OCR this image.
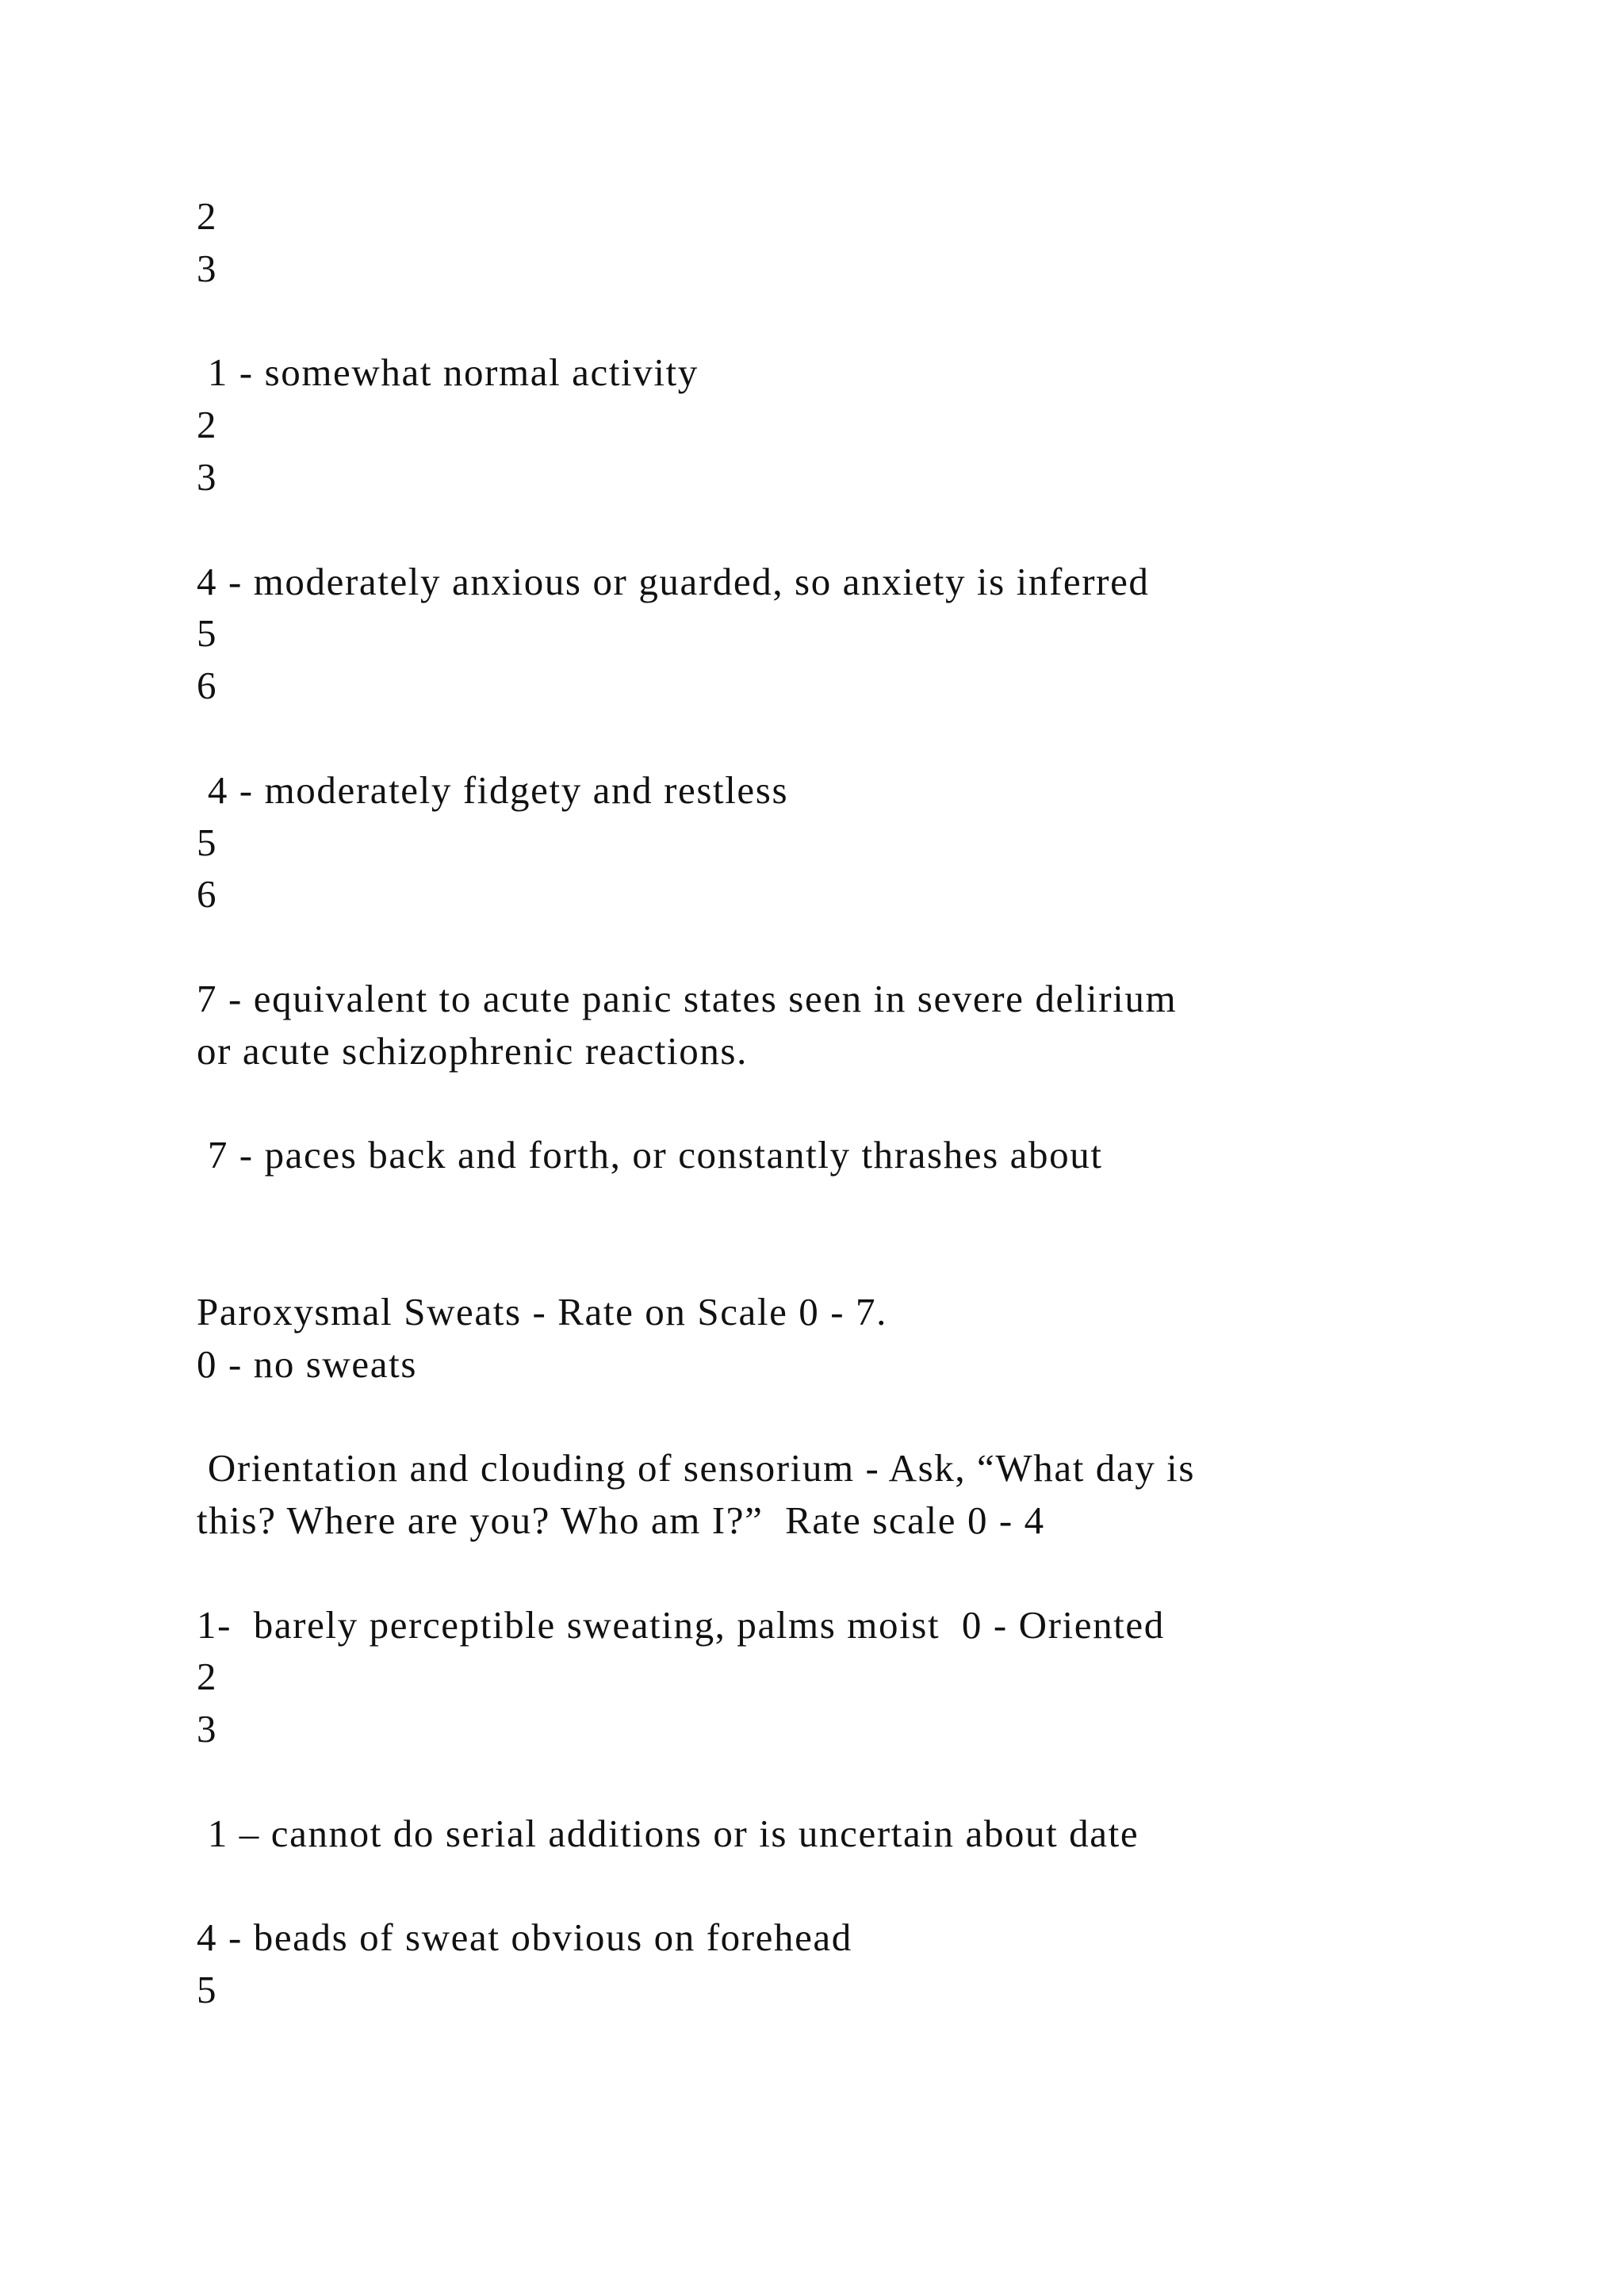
2
3
1 - somewhat normal activity
2
3
4 - moderately anxious or guarded, so anxiety is inferred
5
6
4 - moderately fidgety and restless
5
6
7 - equivalent to acute panic states seen in severe delirium
or acute schizophrenic reactions.
7 - paces back and forth, or constantly thrashes about
Paroxysmal Sweats - Rate on Scale 0 - 7.
0 - no sweats
Orientation and clouding of sensorium - Ask, “What day is
this? Where are you? Who am I?”  Rate scale 0 - 4
1-  barely perceptible sweating, palms moist  0 - Oriented
2
3
1 – cannot do serial additions or is uncertain about date
4 - beads of sweat obvious on forehead
5
